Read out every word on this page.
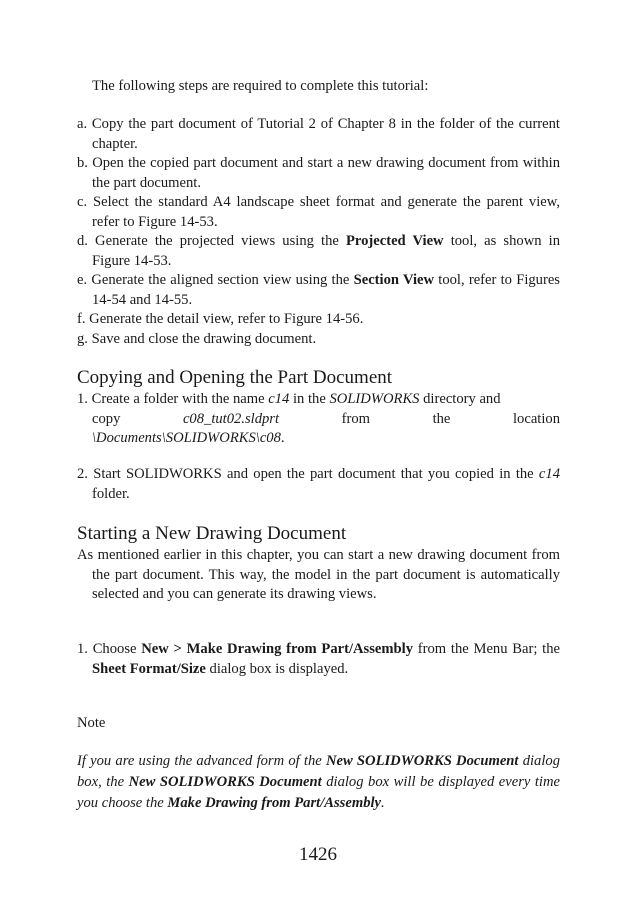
The following steps are required to complete this tutorial:
a. Copy the part document of Tutorial 2 of Chapter 8 in the folder of the current chapter.
b. Open the copied part document and start a new drawing document from within the part document.
c. Select the standard A4 landscape sheet format and generate the parent view, refer to Figure 14-53.
d. Generate the projected views using the Projected View tool, as shown in Figure 14-53.
e. Generate the aligned section view using the Section View tool, refer to Figures 14-54 and 14-55.
f. Generate the detail view, refer to Figure 14-56.
g. Save and close the drawing document.
Copying and Opening the Part Document
1. Create a folder with the name c14 in the SOLIDWORKS directory and
copy	c08_tut02.sldprt	from	the	location
\Documents\SOLIDWORKS\c08.
2. Start SOLIDWORKS and open the part document that you copied in the c14 folder.
Starting a New Drawing Document
As mentioned earlier in this chapter, you can start a new drawing document from the part document. This way, the model in the part document is automatically selected and you can generate its drawing views.
1. Choose New > Make Drawing from Part/Assembly from the Menu Bar; the Sheet Format/Size dialog box is displayed.
Note
If you are using the advanced form of the New SOLIDWORKS Document dialog box, the New SOLIDWORKS Document dialog box will be displayed every time you choose the Make Drawing from Part/Assembly.
1426
